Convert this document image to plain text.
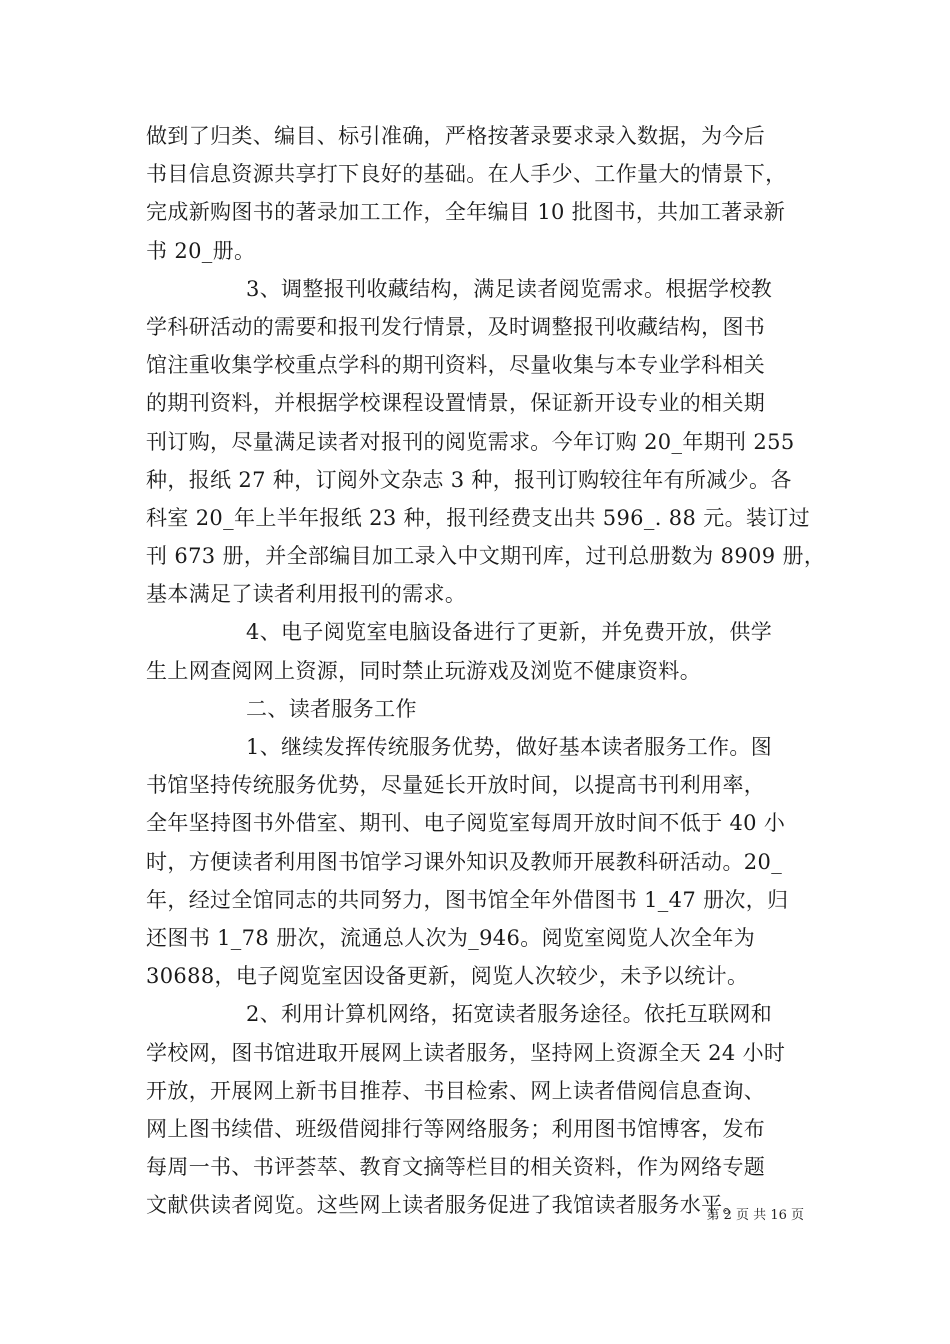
做到了归类、编目、标引准确，严格按著录要求录入数据，为今后
书目信息资源共享打下良好的基础。在人手少、工作量大的情景下，
完成新购图书的著录加工工作，全年编目 10 批图书，共加工著录新
书 20_册。
3、调整报刊收藏结构，满足读者阅览需求。根据学校教
学科研活动的需要和报刊发行情景，及时调整报刊收藏结构，图书
馆注重收集学校重点学科的期刊资料，尽量收集与本专业学科相关
的期刊资料，并根据学校课程设置情景，保证新开设专业的相关期
刊订购，尽量满足读者对报刊的阅览需求。今年订购 20_年期刊 255
种，报纸 27 种，订阅外文杂志 3 种，报刊订购较往年有所减少。各
科室 20_年上半年报纸 23 种，报刊经费支出共 596_. 88 元。装订过
刊 673 册，并全部编目加工录入中文期刊库，过刊总册数为 8909 册，
基本满足了读者利用报刊的需求。
4、电子阅览室电脑设备进行了更新，并免费开放，供学
生上网查阅网上资源，同时禁止玩游戏及浏览不健康资料。
二、读者服务工作
1、继续发挥传统服务优势，做好基本读者服务工作。图
书馆坚持传统服务优势，尽量延长开放时间，以提高书刊利用率，
全年坚持图书外借室、期刊、电子阅览室每周开放时间不低于 40 小
时，方便读者利用图书馆学习课外知识及教师开展教科研活动。20_
年，经过全馆同志的共同努力，图书馆全年外借图书 1_47 册次，归
还图书 1_78 册次，流通总人次为_946。阅览室阅览人次全年为
30688，电子阅览室因设备更新，阅览人次较少，未予以统计。
2、利用计算机网络，拓宽读者服务途径。依托互联网和
学校网，图书馆进取开展网上读者服务，坚持网上资源全天 24 小时
开放，开展网上新书目推荐、书目检索、网上读者借阅信息查询、
网上图书续借、班级借阅排行等网络服务；利用图书馆博客，发布
每周一书、书评荟萃、教育文摘等栏目的相关资料，作为网络专题
文献供读者阅览。这些网上读者服务促进了我馆读者服务水平。
第 2 页 共 16 页
